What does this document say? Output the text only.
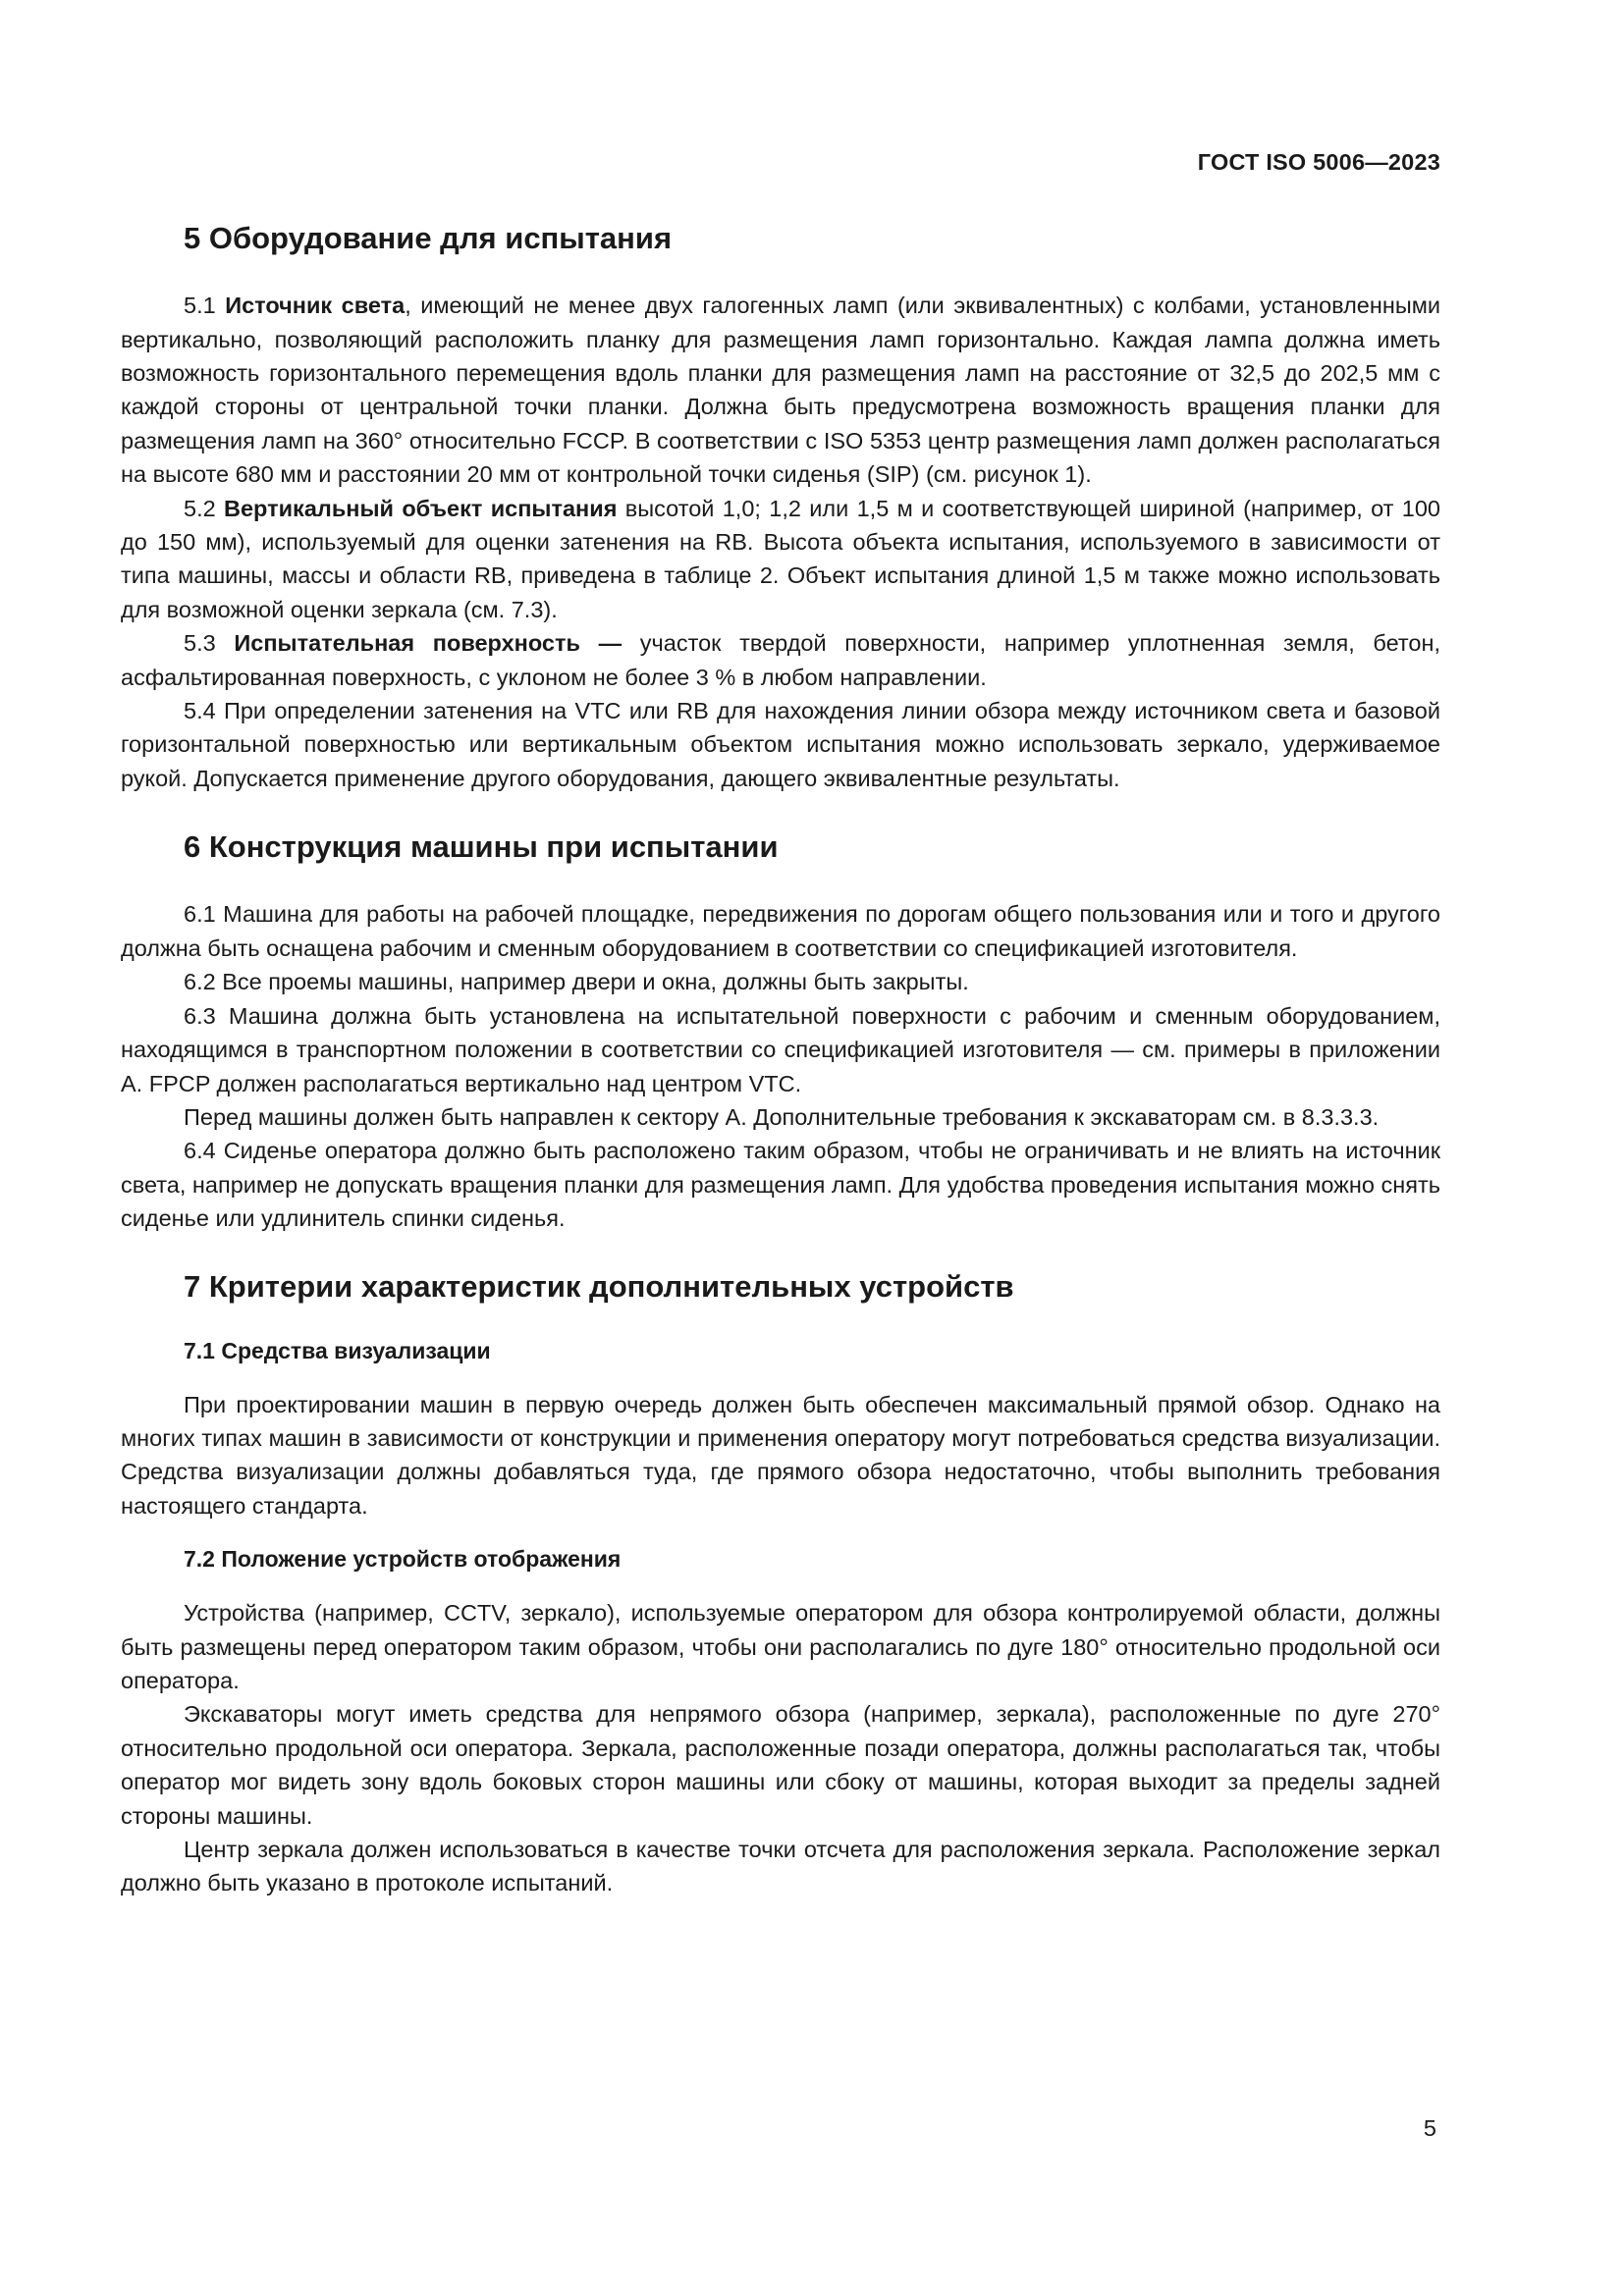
ГОСТ ISO 5006—2023
5 Оборудование для испытания

5.1 Источник света, имеющий не менее двух галогенных ламп (или эквивалентных) с колбами, установленными вертикально, позволяющий расположить планку для размещения ламп горизонтально. Каждая лампа должна иметь возможность горизонтального перемещения вдоль планки для размещения ламп на расстояние от 32,5 до 202,5 мм с каждой стороны от центральной точки планки. Должна быть предусмотрена возможность вращения планки для размещения ламп на 360° относительно FCCP. В соответствии с ISO 5353 центр размещения ламп должен располагаться на высоте 680 мм и расстоянии 20 мм от контрольной точки сиденья (SIP) (см. рисунок 1).

5.2 Вертикальный объект испытания высотой 1,0; 1,2 или 1,5 м и соответствующей шириной (например, от 100 до 150 мм), используемый для оценки затенения на RB. Высота объекта испытания, используемого в зависимости от типа машины, массы и области RB, приведена в таблице 2. Объект испытания длиной 1,5 м также можно использовать для возможной оценки зеркала (см. 7.3).

5.3 Испытательная поверхность — участок твердой поверхности, например уплотненная земля, бетон, асфальтированная поверхность, с уклоном не более 3 % в любом направлении.

5.4 При определении затенения на VTC или RB для нахождения линии обзора между источником света и базовой горизонтальной поверхностью или вертикальным объектом испытания можно использовать зеркало, удерживаемое рукой. Допускается применение другого оборудования, дающего эквивалентные результаты.

6 Конструкция машины при испытании

6.1 Машина для работы на рабочей площадке, передвижения по дорогам общего пользования или и того и другого должна быть оснащена рабочим и сменным оборудованием в соответствии со спецификацией изготовителя.

6.2 Все проемы машины, например двери и окна, должны быть закрыты.

6.3 Машина должна быть установлена на испытательной поверхности с рабочим и сменным оборудованием, находящимся в транспортном положении в соответствии со спецификацией изготовителя — см. примеры в приложении А. FPCP должен располагаться вертикально над центром VTC.

Перед машины должен быть направлен к сектору А. Дополнительные требования к экскаваторам см. в 8.3.3.3.

6.4 Сиденье оператора должно быть расположено таким образом, чтобы не ограничивать и не влиять на источник света, например не допускать вращения планки для размещения ламп. Для удобства проведения испытания можно снять сиденье или удлинитель спинки сиденья.

7 Критерии характеристик дополнительных устройств
7.1 Средства визуализации

При проектировании машин в первую очередь должен быть обеспечен максимальный прямой обзор. Однако на многих типах машин в зависимости от конструкции и применения оператору могут потребоваться средства визуализации. Средства визуализации должны добавляться туда, где прямого обзора недостаточно, чтобы выполнить требования настоящего стандарта.

7.2 Положение устройств отображения

Устройства (например, CCTV, зеркало), используемые оператором для обзора контролируемой области, должны быть размещены перед оператором таким образом, чтобы они располагались по дуге 180° относительно продольной оси оператора.

Экскаваторы могут иметь средства для непрямого обзора (например, зеркала), расположенные по дуге 270° относительно продольной оси оператора. Зеркала, расположенные позади оператора, должны располагаться так, чтобы оператор мог видеть зону вдоль боковых сторон машины или сбоку от машины, которая выходит за пределы задней стороны машины.

Центр зеркала должен использоваться в качестве точки отсчета для расположения зеркала. Расположение зеркал должно быть указано в протоколе испытаний.

5
